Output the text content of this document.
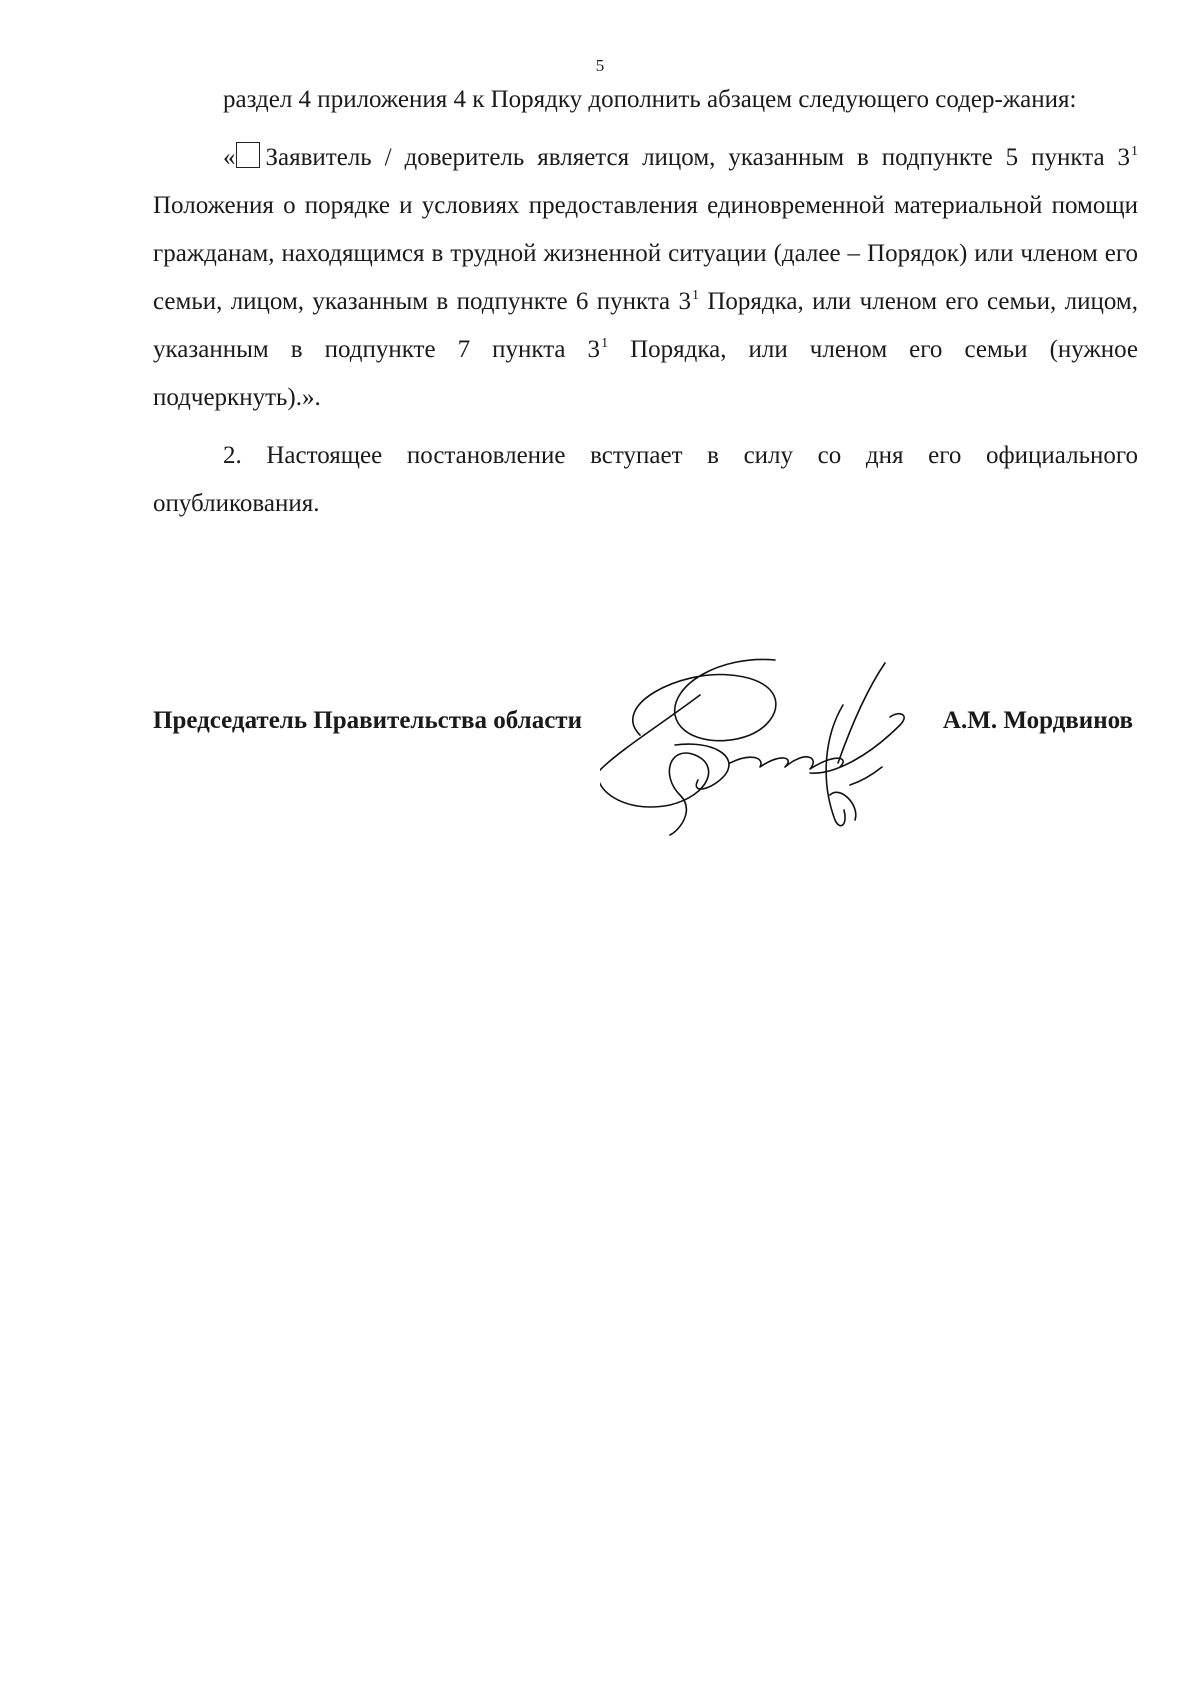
5

раздел 4 приложения 4 к Порядку дополнить абзацем следующего содер-жания:

« Заявитель / доверитель является лицом, указанным в подпункте 5 пункта $3^1$ Положения о порядке и условиях предоставления единовременной материальной помощи гражданам, находящимся в трудной жизненной ситуации (далее – Порядок) или членом его семьи, лицом, указанным в подпункте 6 пункта $3^1$ Порядка, или членом его семьи, лицом, указанным в подпункте 7 пункта $3^1$ Порядка, или членом его семьи (нужное подчеркнуть).».

2. Настоящее постановление вступает в силу со дня его официального опубликования.

Председатель Правительства области	А.М. Мордвинов
